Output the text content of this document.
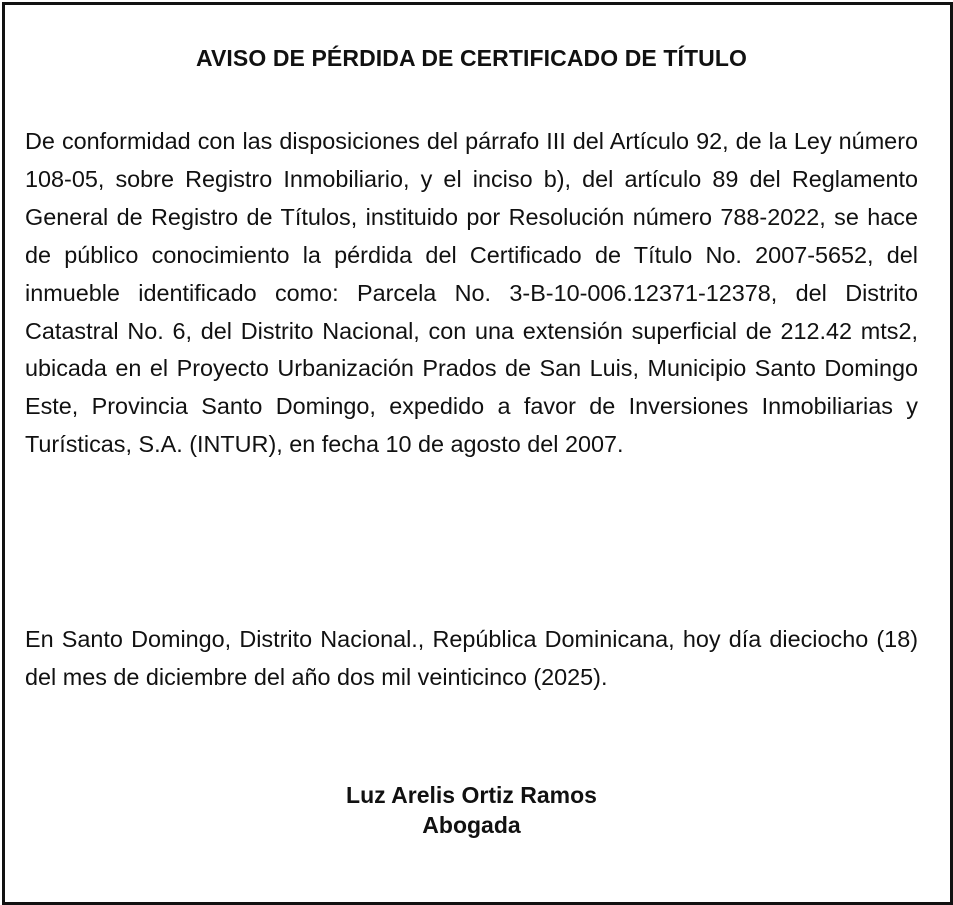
AVISO DE PÉRDIDA DE CERTIFICADO DE TÍTULO
De conformidad con las disposiciones del párrafo III del Artículo 92, de la Ley número 108-05, sobre Registro Inmobiliario, y el inciso b), del artículo 89 del Reglamento General de Registro de Títulos, instituido por Resolución número 788-2022, se hace de público conocimiento la pérdida del Certificado de Título No. 2007-5652, del inmueble identificado como: Parcela No. 3-B-10-006.12371-12378, del Distrito Catastral No. 6, del Distrito Nacional, con una extensión superficial de 212.42 mts2, ubicada en el Proyecto Urbanización Prados de San Luis, Municipio Santo Domingo Este, Provincia Santo Domingo, expedido a favor de Inversiones Inmobiliarias y Turísticas, S.A. (INTUR), en fecha 10 de agosto del 2007.
En Santo Domingo, Distrito Nacional., República Dominicana, hoy día dieciocho (18) del mes de diciembre del año dos mil veinticinco (2025).
Luz Arelis Ortiz Ramos
Abogada
